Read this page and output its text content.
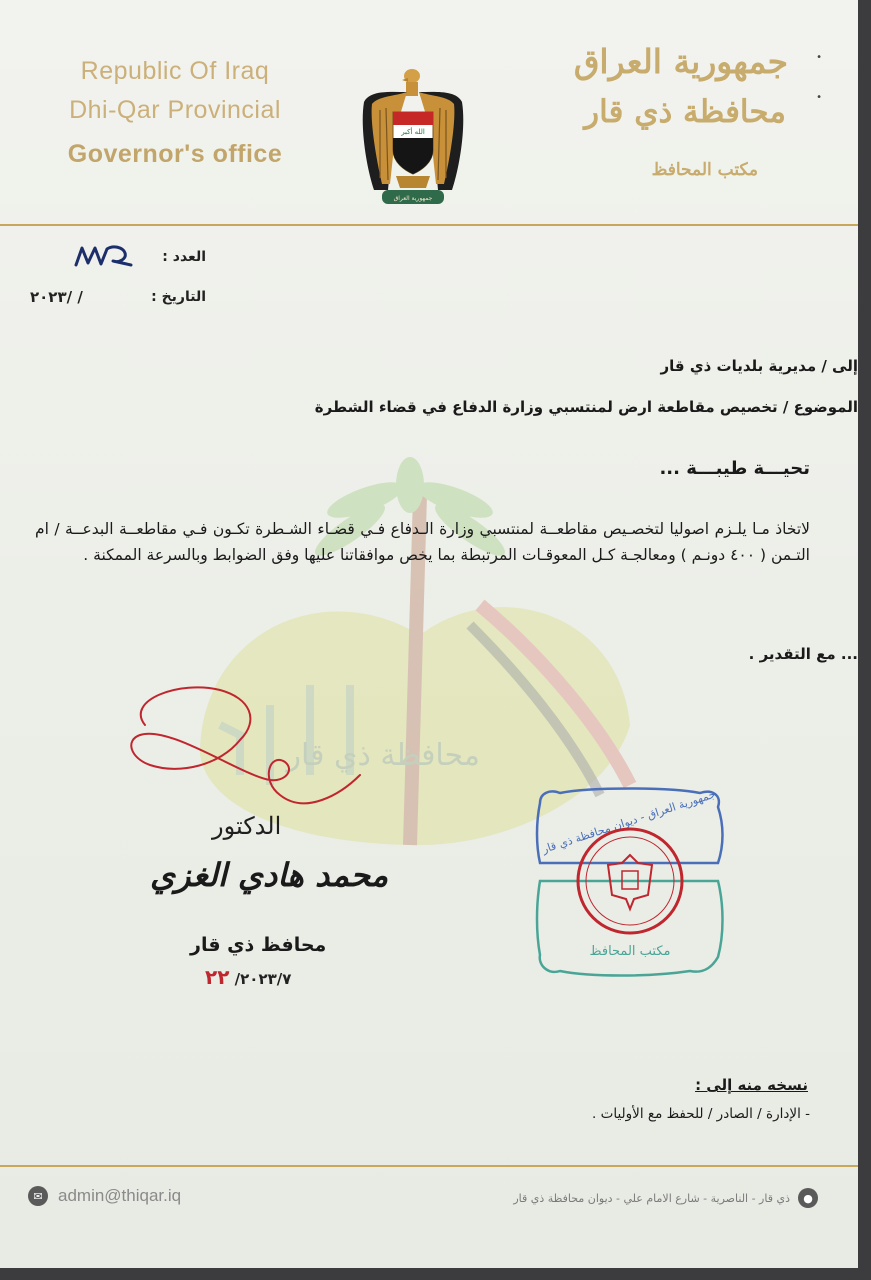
Republic Of Iraq
Dhi-Qar Provincial
Governor's office
جمهورية العراق
محافظة ذي قار
مكتب المحافظ
•
•
الله أكبر
جمهورية العراق
العدد :
التاريخ :
٢٠٢٣/ /
محافظة ذي قار
إلى / مديرية بلديات ذي قار
الموضوع / تخصيص مقاطعة ارض لمنتسبي وزارة الدفاع في قضاء الشطرة
تحيـــة طيبـــة ...
لاتخاذ مـا يلـزم اصوليا لتخصـيص مقاطعــة لمنتسبي وزارة الـدفاع فـي قضـاء الشـطرة تكـون فـي مقاطعــة البدعــة / ام التـمن ( ٤٠٠ دونـم ) ومعالجـة كـل المعوقـات المرتبطة بما يخص موافقاتنا عليها وفق الضوابط وبالسرعة الممكنة .
... مع التقدير .
الدكتور
محمد هادي الغزي
محافظ ذي قار
٢٠٢٣/٧/ ٢٢
جمهورية العراق - ديوان محافظة ذي قار
مكتب المحافظ
نسخه منه إلى :
- الإدارة / الصادر / للحفظ مع الأوليات .
✉ admin@thiqar.iq	●
ذي قار - الناصرية - شارع الامام علي - ديوان محافظة ذي قار
